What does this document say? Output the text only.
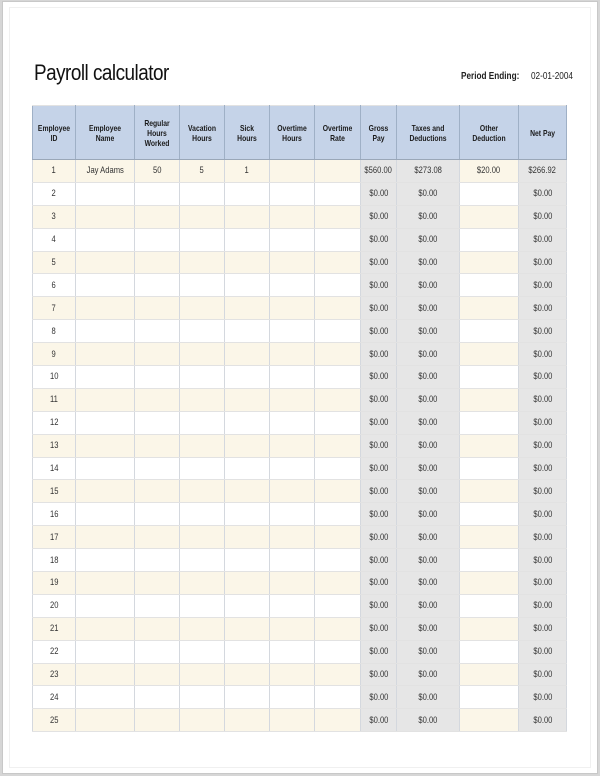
Payroll calculator	Period Ending: 02-01-2004
Employee ID	Employee Name	Regular Hours Worked	Vacation Hours	Sick Hours	Overtime Hours	Overtime Rate	Gross Pay	Taxes and Deductions	Other Deduction	Net Pay
1	Jay Adams	50	5	1			$560.00	$273.08	$20.00	$266.92
2							$0.00	$0.00		$0.00
3							$0.00	$0.00		$0.00
4							$0.00	$0.00		$0.00
5							$0.00	$0.00		$0.00
6							$0.00	$0.00		$0.00
7							$0.00	$0.00		$0.00
8							$0.00	$0.00		$0.00
9							$0.00	$0.00		$0.00
10							$0.00	$0.00		$0.00
11							$0.00	$0.00		$0.00
12							$0.00	$0.00		$0.00
13							$0.00	$0.00		$0.00
14							$0.00	$0.00		$0.00
15							$0.00	$0.00		$0.00
16							$0.00	$0.00		$0.00
17							$0.00	$0.00		$0.00
18							$0.00	$0.00		$0.00
19							$0.00	$0.00		$0.00
20							$0.00	$0.00		$0.00
21							$0.00	$0.00		$0.00
22							$0.00	$0.00		$0.00
23							$0.00	$0.00		$0.00
24							$0.00	$0.00		$0.00
25							$0.00	$0.00		$0.00
